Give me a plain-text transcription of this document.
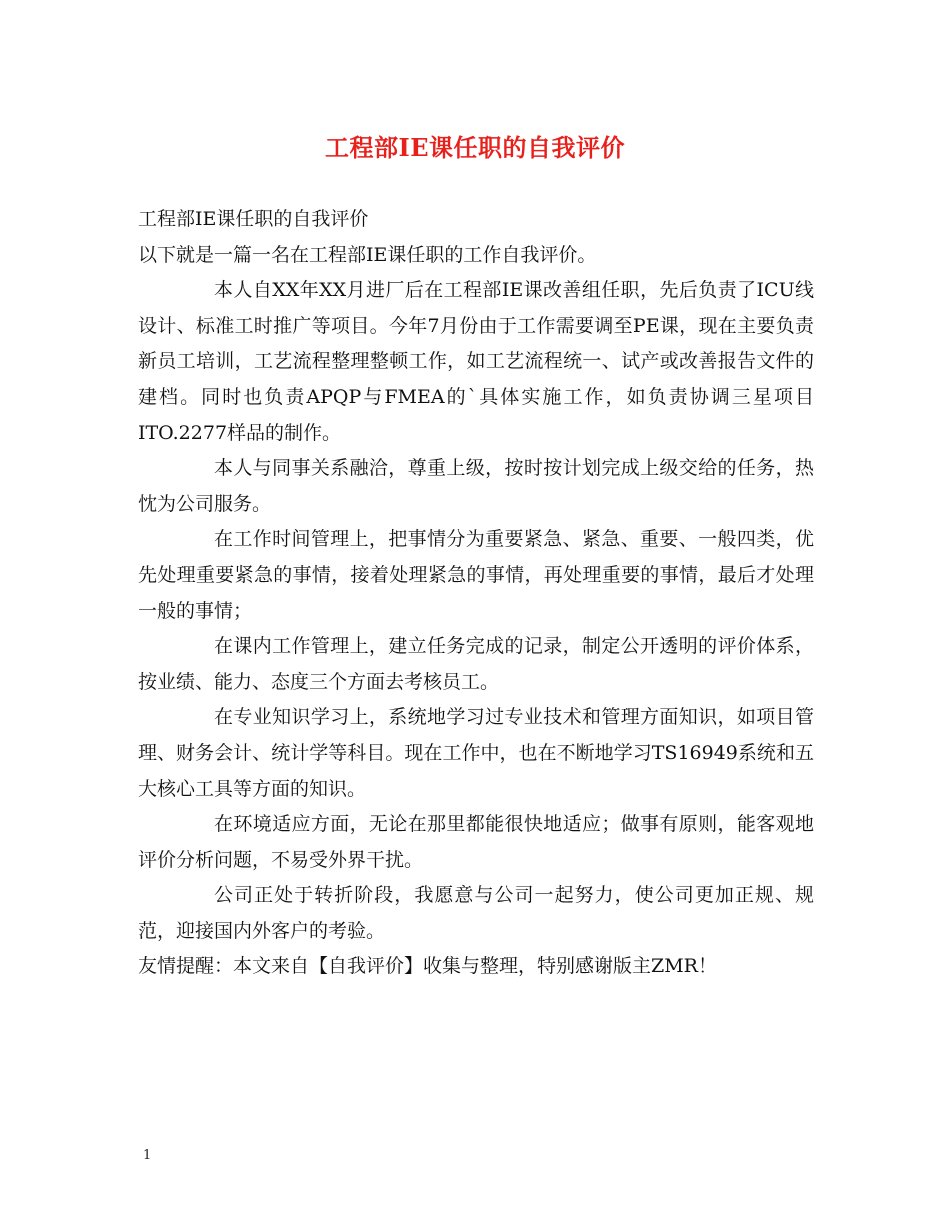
工程部IE课任职的自我评价

工程部IE课任职的自我评价

以下就是一篇一名在工程部IE课任职的工作自我评价。

本人自XX年XX月进厂后在工程部IE课改善组任职，先后负责了ICU线设计、标准工时推广等项目。今年7月份由于工作需要调至PE课，现在主要负责新员工培训，工艺流程整理整顿工作，如工艺流程统一、试产或改善报告文件的建档。同时也负责APQP与FMEA的`具体实施工作，如负责协调三星项目ITO.2277样品的制作。

本人与同事关系融洽，尊重上级，按时按计划完成上级交给的任务，热忱为公司服务。

在工作时间管理上，把事情分为重要紧急、紧急、重要、一般四类，优先处理重要紧急的事情，接着处理紧急的事情，再处理重要的事情，最后才处理一般的事情；

在课内工作管理上，建立任务完成的记录，制定公开透明的评价体系，按业绩、能力、态度三个方面去考核员工。

在专业知识学习上，系统地学习过专业技术和管理方面知识，如项目管理、财务会计、统计学等科目。现在工作中，也在不断地学习TS16949系统和五大核心工具等方面的知识。

在环境适应方面，无论在那里都能很快地适应；做事有原则，能客观地评价分析问题，不易受外界干扰。

公司正处于转折阶段，我愿意与公司一起努力，使公司更加正规、规范，迎接国内外客户的考验。

友情提醒：本文来自【自我评价】收集与整理，特别感谢版主ZMR！

1
